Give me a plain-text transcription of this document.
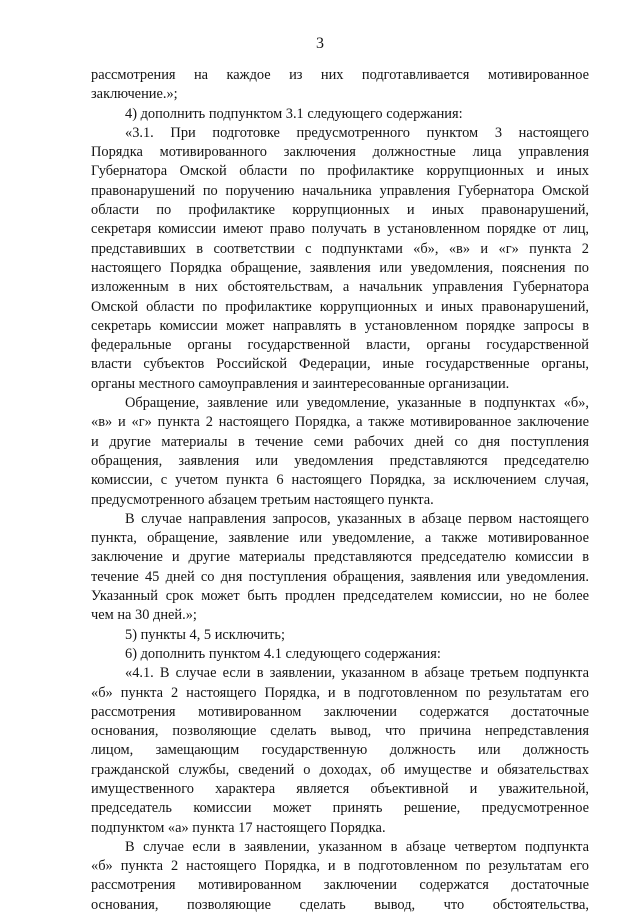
3
рассмотрения на каждое из них подготавливается мотивированное
заключение.»;
4) дополнить подпунктом 3.1 следующего содержания:
«3.1. При подготовке предусмотренного пунктом 3 настоящего
Порядка мотивированного заключения должностные лица управления
Губернатора Омской области по профилактике коррупционных и иных
правонарушений по поручению начальника управления Губернатора Омской
области по профилактике коррупционных и иных правонарушений,
секретаря комиссии имеют право получать в установленном порядке от лиц,
представивших в соответствии с подпунктами «б», «в» и «г» пункта 2
настоящего Порядка обращение, заявления или уведомления, пояснения по
изложенным в них обстоятельствам, а начальник управления Губернатора
Омской области по профилактике коррупционных и иных правонарушений,
секретарь комиссии может направлять в установленном порядке запросы в
федеральные органы государственной власти, органы государственной
власти субъектов Российской Федерации, иные государственные органы,
органы местного самоуправления и заинтересованные организации.
Обращение, заявление или уведомление, указанные в подпунктах «б»,
«в» и «г» пункта 2 настоящего Порядка, а также мотивированное заключение
и другие материалы в течение семи рабочих дней со дня поступления
обращения, заявления или уведомления представляются председателю
комиссии, с учетом пункта 6 настоящего Порядка, за исключением случая,
предусмотренного абзацем третьим настоящего пункта.
В случае направления запросов, указанных в абзаце первом настоящего
пункта, обращение, заявление или уведомление, а также мотивированное
заключение и другие материалы представляются председателю комиссии в
течение 45 дней со дня поступления обращения, заявления или уведомления.
Указанный срок может быть продлен председателем комиссии, но не более
чем на 30 дней.»;
5) пункты 4, 5 исключить;
6) дополнить пунктом 4.1 следующего содержания:
«4.1. В случае если в заявлении, указанном в абзаце третьем подпункта
«б» пункта 2 настоящего Порядка, и в подготовленном по результатам его
рассмотрения мотивированном заключении содержатся достаточные
основания, позволяющие сделать вывод, что причина непредставления
лицом, замещающим государственную должность или должность
гражданской службы, сведений о доходах, об имуществе и обязательствах
имущественного характера является объективной и уважительной,
председатель комиссии может принять решение, предусмотренное
подпунктом «а» пункта 17 настоящего Порядка.
В случае если в заявлении, указанном в абзаце четвертом подпункта
«б» пункта 2 настоящего Порядка, и в подготовленном по результатам его
рассмотрения мотивированном заключении содержатся достаточные
основания, позволяющие сделать вывод, что обстоятельства,
